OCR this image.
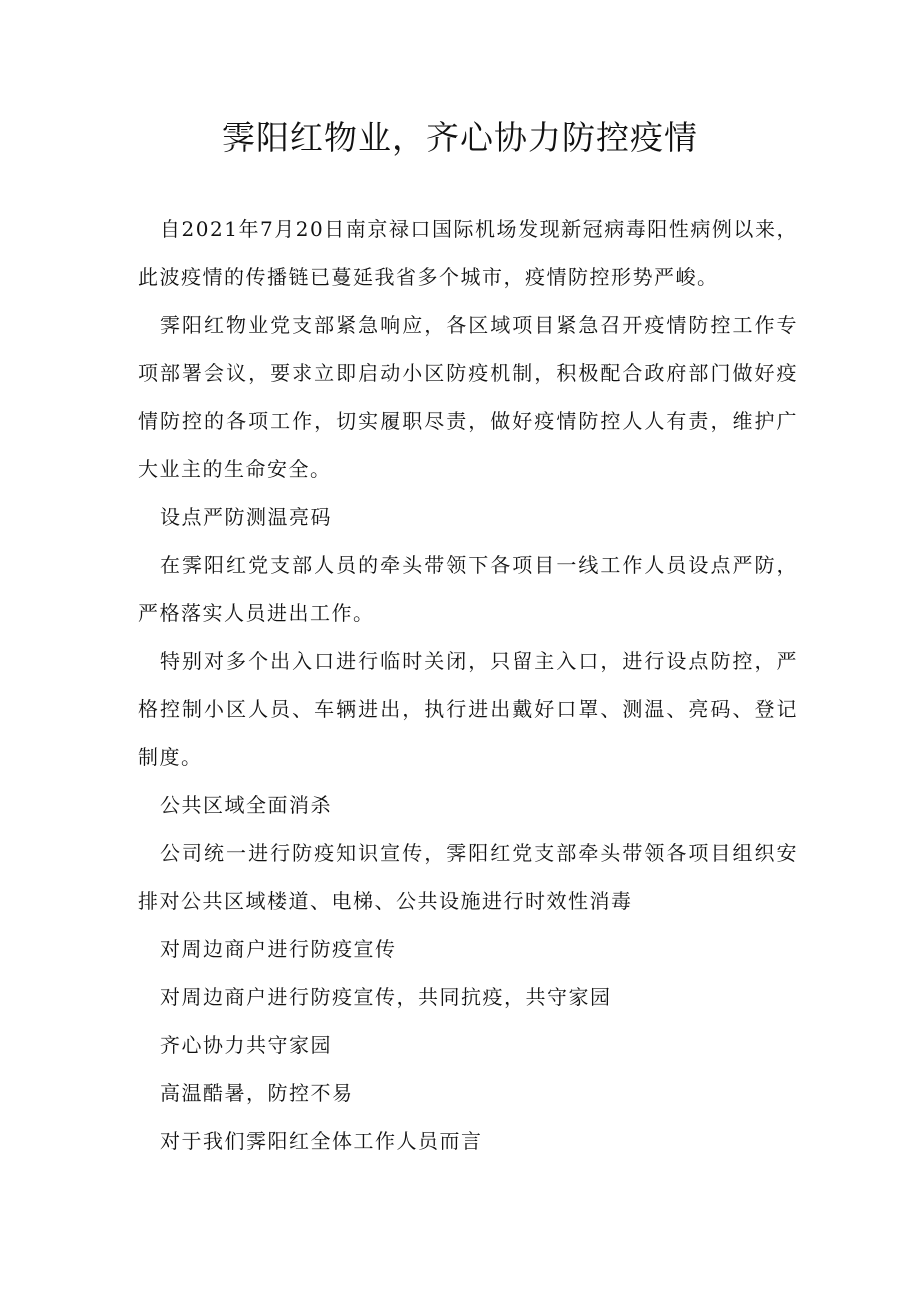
霁阳红物业，齐心协力防控疫情

自2021年7月20日南京禄口国际机场发现新冠病毒阳性病例以来，此波疫情的传播链已蔓延我省多个城市，疫情防控形势严峻。

霁阳红物业党支部紧急响应，各区域项目紧急召开疫情防控工作专项部署会议，要求立即启动小区防疫机制，积极配合政府部门做好疫情防控的各项工作，切实履职尽责，做好疫情防控人人有责，维护广大业主的生命安全。

设点严防测温亮码

在霁阳红党支部人员的牵头带领下各项目一线工作人员设点严防，严格落实人员进出工作。

特别对多个出入口进行临时关闭，只留主入口，进行设点防控，严格控制小区人员、车辆进出，执行进出戴好口罩、测温、亮码、登记制度。

公共区域全面消杀

公司统一进行防疫知识宣传，霁阳红党支部牵头带领各项目组织安排对公共区域楼道、电梯、公共设施进行时效性消毒

对周边商户进行防疫宣传

对周边商户进行防疫宣传，共同抗疫，共守家园

齐心协力共守家园

高温酷暑，防控不易

对于我们霁阳红全体工作人员而言
